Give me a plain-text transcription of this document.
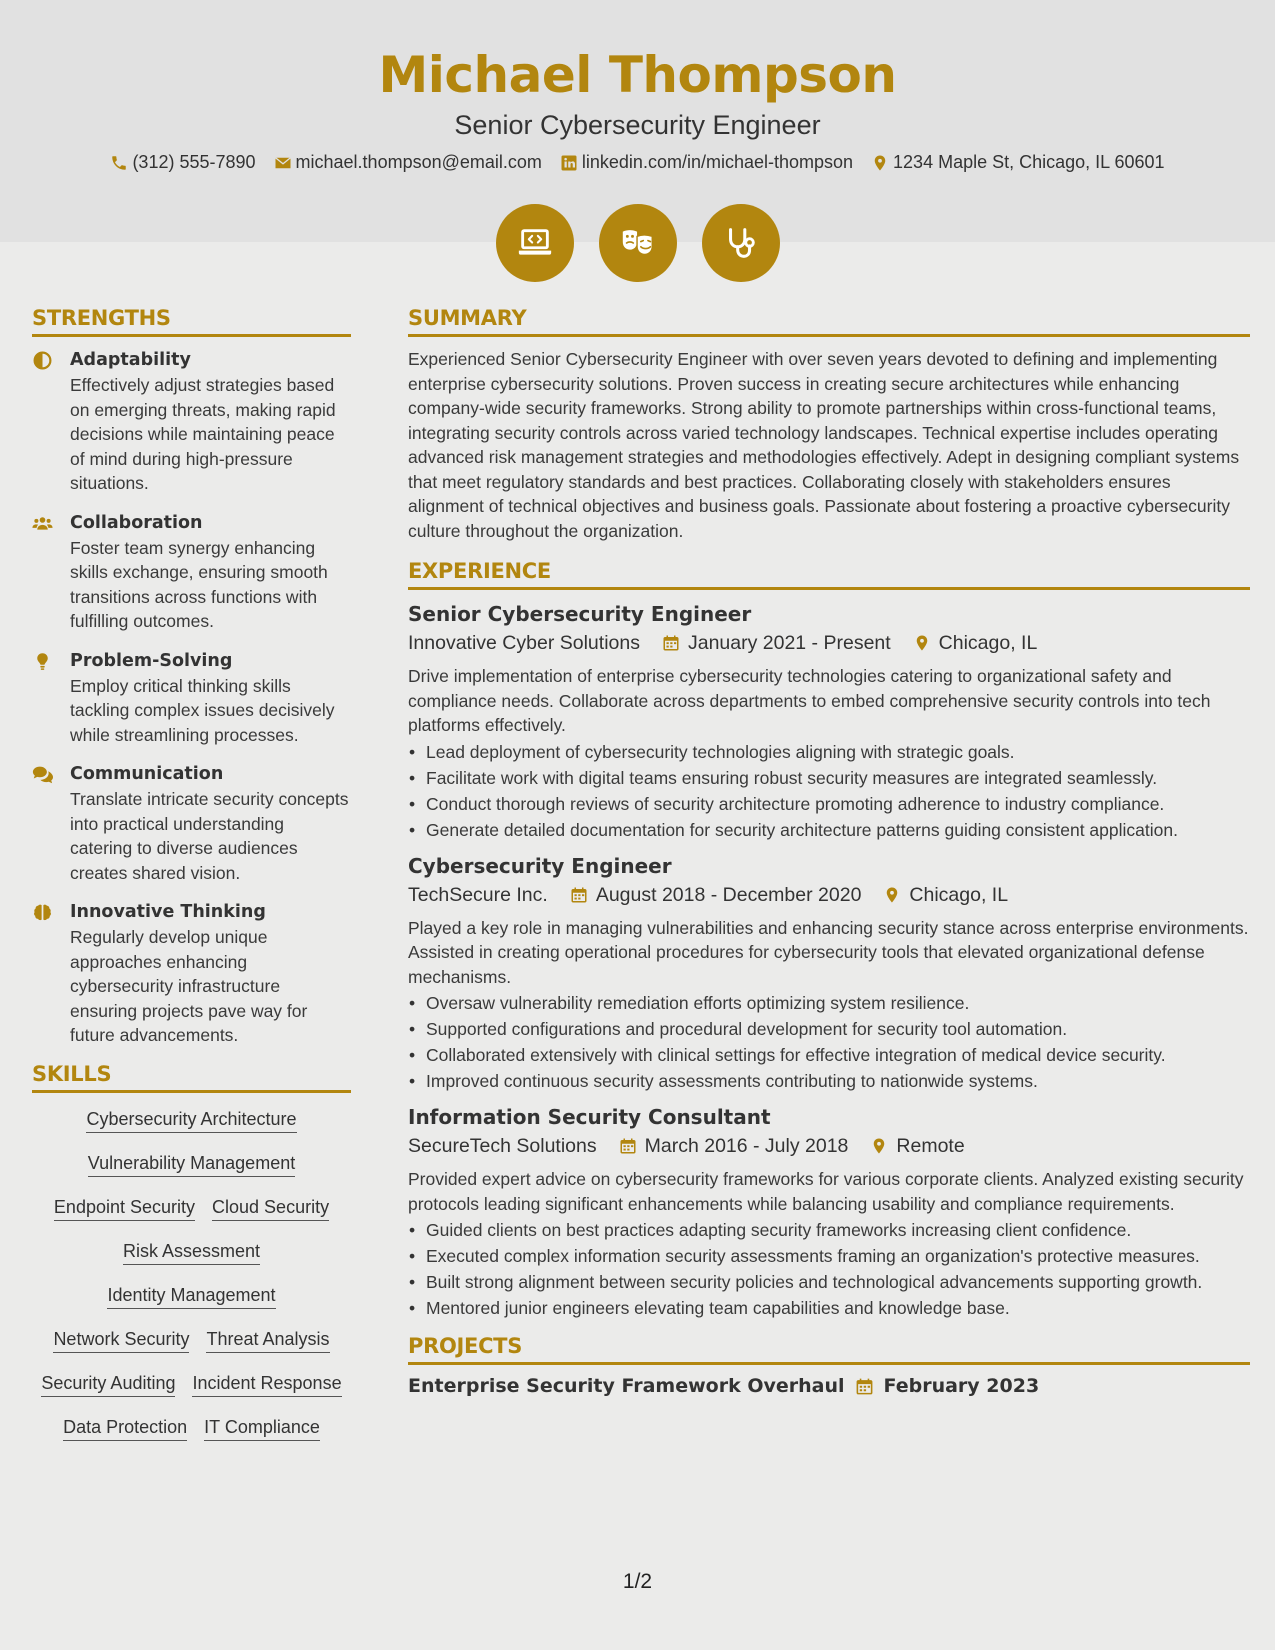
Michael Thompson
Senior Cybersecurity Engineer
(312) 555-7890 michael.thompson@email.com linkedin.com/in/michael-thompson 1234 Maple St, Chicago, IL 60601
STRENGTHS
Adaptability
Effectively adjust strategies based on emerging threats, making rapid decisions while maintaining peace of mind during high-pressure situations.
Collaboration
Foster team synergy enhancing skills exchange, ensuring smooth transitions across functions with fulfilling outcomes.
Problem-Solving
Employ critical thinking skills tackling complex issues decisively while streamlining processes.
Communication
Translate intricate security concepts into practical understanding catering to diverse audiences creates shared vision.
Innovative Thinking
Regularly develop unique approaches enhancing cybersecurity infrastructure ensuring projects pave way for future advancements.
SKILLS
Cybersecurity Architecture
Vulnerability Management
Endpoint Security Cloud Security
Risk Assessment
Identity Management
Network Security Threat Analysis
Security Auditing Incident Response
Data Protection IT Compliance
SUMMARY
Experienced Senior Cybersecurity Engineer with over seven years devoted to defining and implementing enterprise cybersecurity solutions. Proven success in creating secure architectures while enhancing company-wide security frameworks. Strong ability to promote partnerships within cross-functional teams, integrating security controls across varied technology landscapes. Technical expertise includes operating advanced risk management strategies and methodologies effectively. Adept in designing compliant systems that meet regulatory standards and best practices. Collaborating closely with stakeholders ensures alignment of technical objectives and business goals. Passionate about fostering a proactive cybersecurity culture throughout the organization.
EXPERIENCE
Senior Cybersecurity Engineer
Innovative Cyber Solutions January 2021 - Present Chicago, IL
Drive implementation of enterprise cybersecurity technologies catering to organizational safety and compliance needs. Collaborate across departments to embed comprehensive security controls into tech platforms effectively.
• Lead deployment of cybersecurity technologies aligning with strategic goals.
• Facilitate work with digital teams ensuring robust security measures are integrated seamlessly.
• Conduct thorough reviews of security architecture promoting adherence to industry compliance.
• Generate detailed documentation for security architecture patterns guiding consistent application.
Cybersecurity Engineer
TechSecure Inc. August 2018 - December 2020 Chicago, IL
Played a key role in managing vulnerabilities and enhancing security stance across enterprise environments. Assisted in creating operational procedures for cybersecurity tools that elevated organizational defense mechanisms.
• Oversaw vulnerability remediation efforts optimizing system resilience.
• Supported configurations and procedural development for security tool automation.
• Collaborated extensively with clinical settings for effective integration of medical device security.
• Improved continuous security assessments contributing to nationwide systems.
Information Security Consultant
SecureTech Solutions March 2016 - July 2018 Remote
Provided expert advice on cybersecurity frameworks for various corporate clients. Analyzed existing security protocols leading significant enhancements while balancing usability and compliance requirements.
• Guided clients on best practices adapting security frameworks increasing client confidence.
• Executed complex information security assessments framing an organization's protective measures.
• Built strong alignment between security policies and technological advancements supporting growth.
• Mentored junior engineers elevating team capabilities and knowledge base.
PROJECTS
Enterprise Security Framework Overhaul February 2023
1/2
